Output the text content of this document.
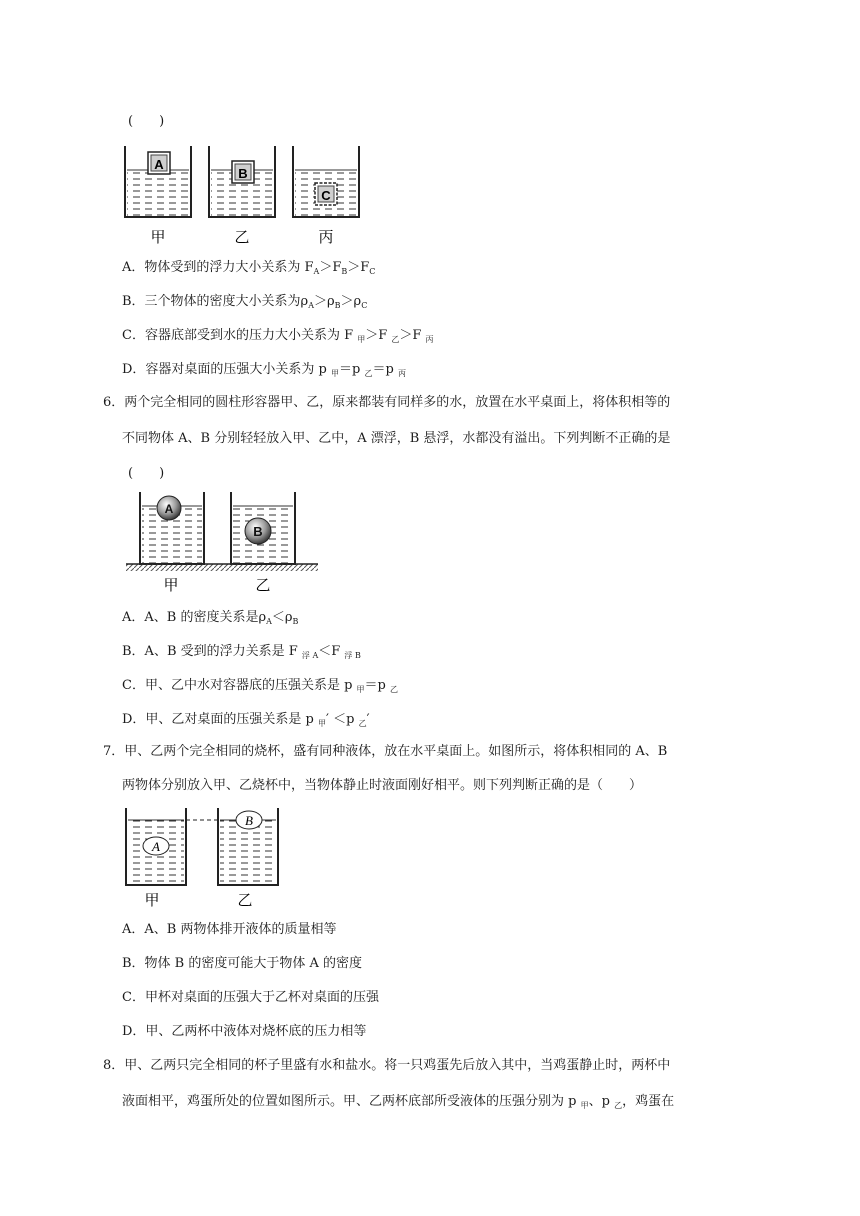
(　　)
A
B
C
甲	乙	丙
A．物体受到的浮力大小关系为 $F_A>F_B>F_C$
B．三个物体的密度大小关系为$\rho_A>\rho_B>\rho_C$
C．容器底部受到水的压力大小关系为 F $_甲$＞F $_乙$＞F $_丙$
D．容器对桌面的压强大小关系为 p $_甲$＝p $_乙$＝p $_丙$
6．两个完全相同的圆柱形容器甲、乙，原来都装有同样多的水，放置在水平桌面上，将体积相等的
不同物体 A、B 分别轻轻放入甲、乙中，A 漂浮，B 悬浮，水都没有溢出。下列判断不正确的是
(　　)
A
B
甲	乙
A．A、B 的密度关系是$\rho_A<\rho_B$
B．A、B 受到的浮力关系是 F $_{浮 A}$＜F $_{浮 B}$
C．甲、乙中水对容器底的压强关系是 p $_甲$＝p $_乙$
D．甲、乙对桌面的压强关系是 p $_甲$′ ＜p $_乙$′
7．甲、乙两个完全相同的烧杯，盛有同种液体，放在水平桌面上。如图所示，将体积相同的 A、B
两物体分别放入甲、乙烧杯中，当物体静止时液面刚好相平。则下列判断正确的是（　　）
A
B
甲	乙
A．A、B 两物体排开液体的质量相等
B．物体 B 的密度可能大于物体 A 的密度
C．甲杯对桌面的压强大于乙杯对桌面的压强
D．甲、乙两杯中液体对烧杯底的压力相等
8．甲、乙两只完全相同的杯子里盛有水和盐水。将一只鸡蛋先后放入其中，当鸡蛋静止时，两杯中
液面相平，鸡蛋所处的位置如图所示。甲、乙两杯底部所受液体的压强分别为 p $_甲$、p $_乙$，鸡蛋在
